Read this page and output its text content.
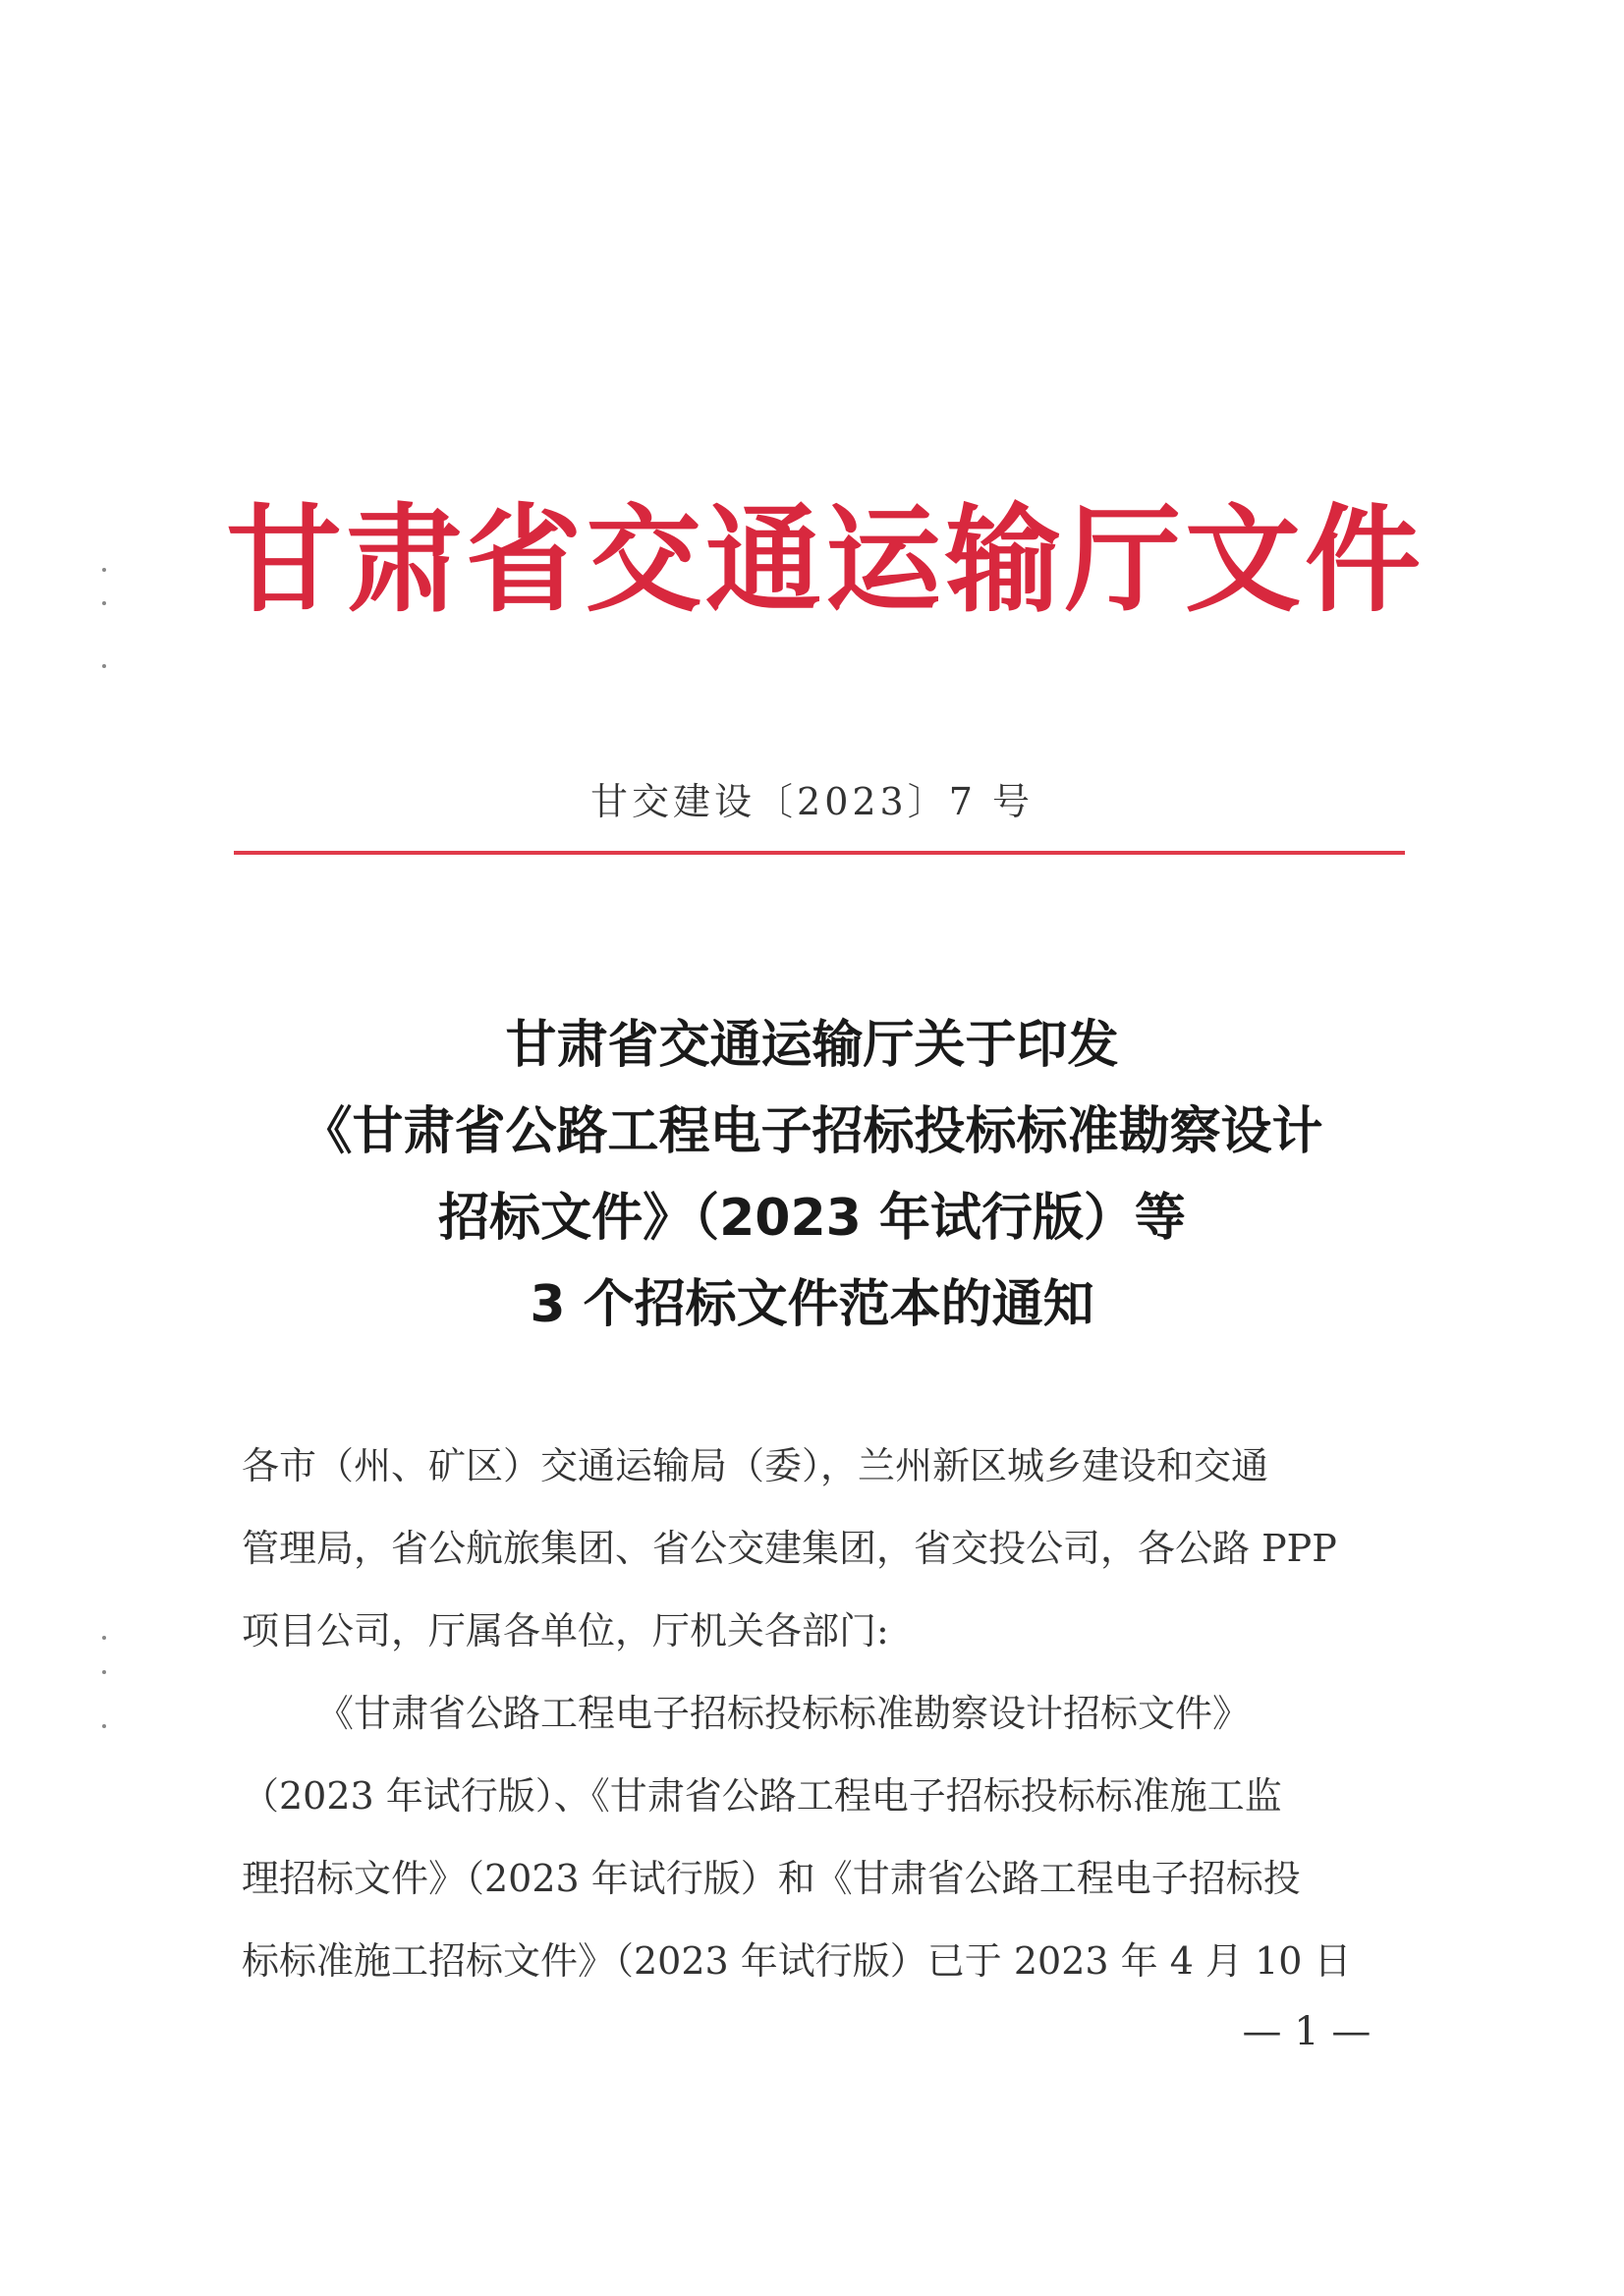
甘肃省交通运输厅文件
甘交建设〔2023〕7 号
甘肃省交通运输厅关于印发
《甘肃省公路工程电子招标投标标准勘察设计
招标文件》（2023 年试行版）等
3 个招标文件范本的通知
各市（州、矿区）交通运输局（委），兰州新区城乡建设和交通
管理局，省公航旅集团、省公交建集团，省交投公司，各公路 PPP
项目公司，厅属各单位，厅机关各部门:
《甘肃省公路工程电子招标投标标准勘察设计招标文件》
（2023 年试行版）、《甘肃省公路工程电子招标投标标准施工监
理招标文件》（2023 年试行版）和《甘肃省公路工程电子招标投
标标准施工招标文件》（2023 年试行版）已于 2023 年 4 月 10 日
— 1 —
